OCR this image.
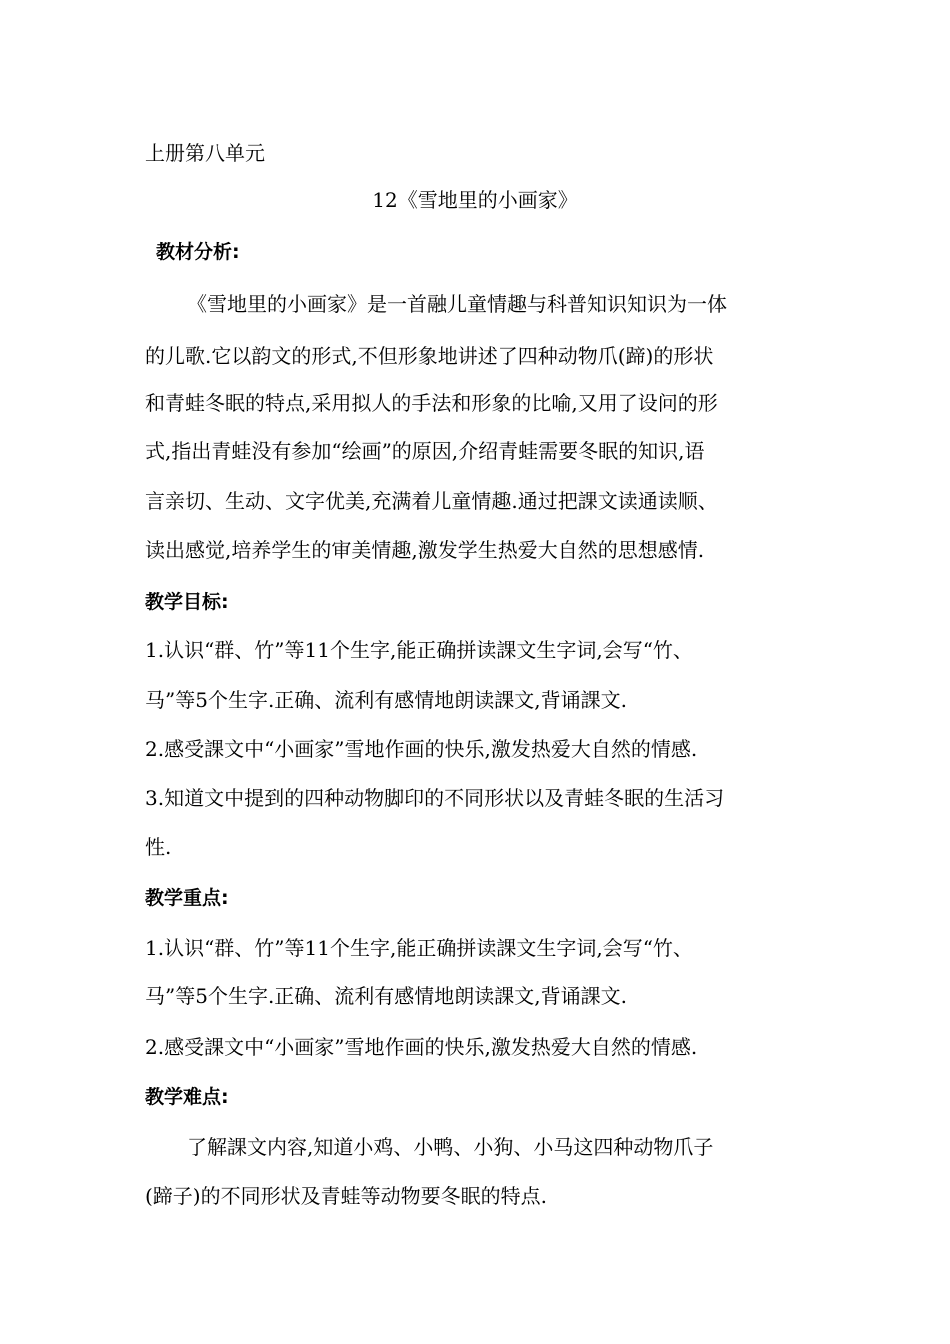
上册第八单元
12《雪地里的小画家》
教材分析:
《雪地里的小画家》是一首融儿童情趣与科普知识知识为一体
的儿歌.它以韵文的形式,不但形象地讲述了四种动物爪(蹄)的形状
和青蛙冬眠的特点,采用拟人的手法和形象的比喻,又用了设问的形
式,指出青蛙没有参加“绘画”的原因,介绍青蛙需要冬眠的知识,语
言亲切、生动、文字优美,充满着儿童情趣.通过把課文读通读顺、
读出感觉,培养学生的审美情趣,激发学生热爱大自然的思想感情.
教学目标:
1.认识“群、竹”等11个生字,能正确拼读課文生字词,会写“竹、
马”等5个生字.正确、流利有感情地朗读課文,背诵課文.
2.感受課文中“小画家”雪地作画的快乐,激发热爱大自然的情感.
3.知道文中提到的四种动物脚印的不同形状以及青蛙冬眠的生活习
性.
教学重点:
1.认识“群、竹”等11个生字,能正确拼读課文生字词,会写“竹、
马”等5个生字.正确、流利有感情地朗读課文,背诵課文.
2.感受課文中“小画家”雪地作画的快乐,激发热爱大自然的情感.
教学难点:
了解課文内容,知道小鸡、小鸭、小狗、小马这四种动物爪子
(蹄子)的不同形状及青蛙等动物要冬眠的特点.
